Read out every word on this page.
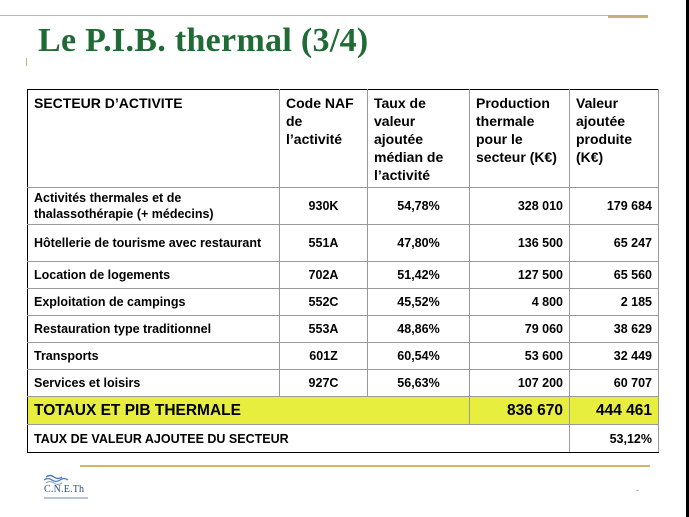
Le P.I.B. thermal (3/4)
SECTEUR D’ACTIVITE	Code NAF de l’activité	Taux de valeur ajoutée médian de l’activité	Production thermale pour le secteur (K€)	Valeur ajoutée produite (K€)
Activités thermales et de thalassothérapie (+ médecins)	930K	54,78%	328 010	179 684
Hôtellerie de tourisme avec restaurant	551A	47,80%	136 500	65 247
Location de logements	702A	51,42%	127 500	65 560
Exploitation de campings	552C	45,52%	4 800	2 185
Restauration type traditionnel	553A	48,86%	79 060	38 629
Transports	601Z	60,54%	53 600	32 449
Services et loisirs	927C	56,63%	107 200	60 707
TOTAUX ET PIB THERMALE			836 670	444 461
TAUX DE VALEUR AJOUTEE DU SECTEUR				53,12%
C.N.E.Th	-
